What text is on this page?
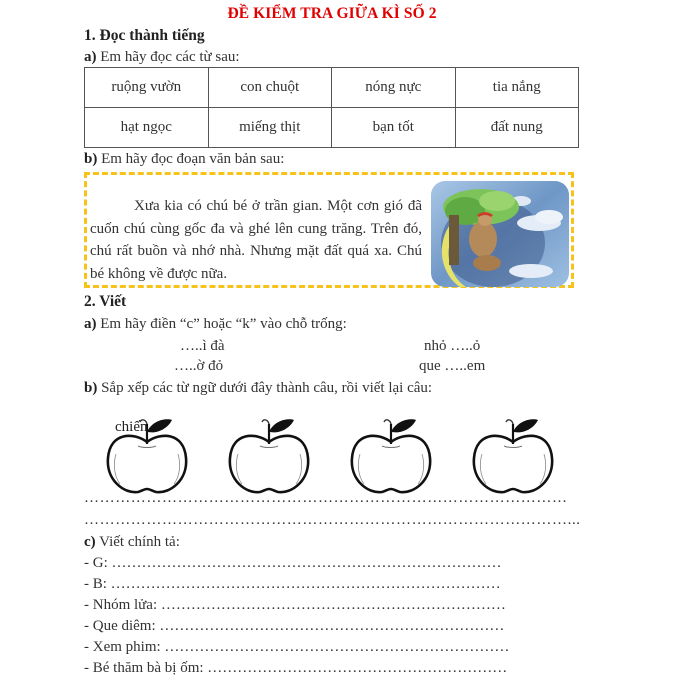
ĐỀ KIỂM TRA GIỮA KÌ SỐ 2
1. Đọc thành tiếng
a) Em hãy đọc các từ sau:
ruộng vườn	con chuột	nóng nực	tia nắng
hạt ngọc	miếng thịt	bạn tốt	đất nung
b) Em hãy đọc đoạn văn bản sau:
Xưa kia có chú bé ở trần gian. Một cơn gió đã cuốn chú cùng gốc đa và ghé lên cung trăng. Trên đó, chú rất buồn và nhớ nhà. Nhưng mặt đất quá xa. Chú bé không về được nữa.
2. Viết
a) Em hãy điền “c” hoặc “k” vào chỗ trống:
…..ì đà	nhỏ …..ỏ
…..ờ đỏ	que …..em
b) Sắp xếp các từ ngữ dưới đây thành câu, rồi viết lại câu:
chiến
…………………………………………………………………………………
…………………………………………………………………………………...
c) Viết chính tả:
- G: ……………………………………………………………………
- B: ……………………………………………………………………
- Nhóm lửa: ……………………………………………………………
- Que diêm: ……………………………………………………………
- Xem phim: ……………………………………………………………
- Bé thăm bà bị ốm: ……………………………………………………
